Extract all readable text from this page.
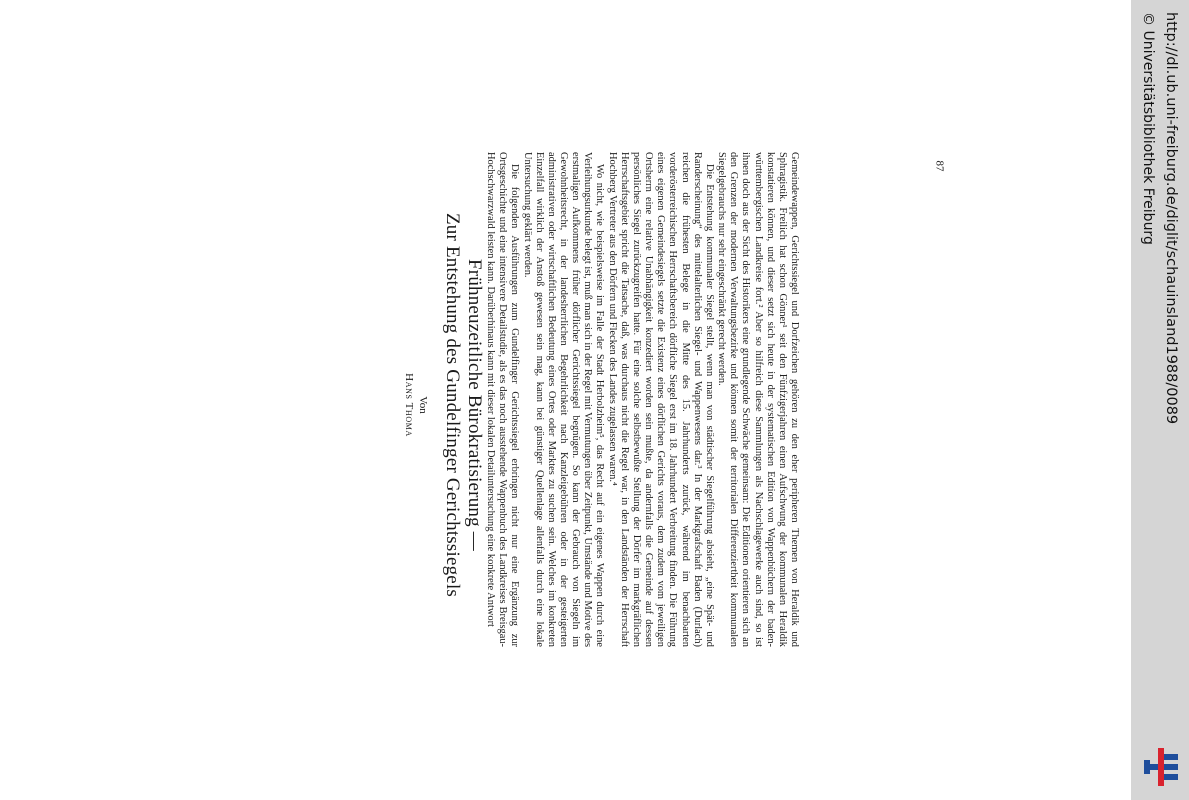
Frühneuzeitliche Bürokratisierung —
Zur Entstehung des Gundelfinger Gerichtssiegels
Von
Hans Thoma	Gemeindewappen, Gerichtssiegel und Dorfzeichen gehören zu den eher peripheren Themen von Heraldik und Sphragistik. Freilich hat schon Gönner¹ seit den Fünfzigerjahren einen Aufschwung der kommunalen Heraldik konstatieren können, und dieser setzt sich heute in der systematischen Edition von Wappenbüchern der baden-württembergischen Landkreise fort.² Aber so hilfreich diese Sammlungen als Nachschlagewerke auch sind, so ist ihnen doch aus der Sicht des Historikers eine grundlegende Schwäche gemeinsam: Die Editionen orientieren sich an den Grenzen der modernen Verwaltungsbezirke und können somit der territorialen Differenziertheit kommunalen Siegelgebrauchs nur sehr eingeschränkt gerecht werden.

Die Entstehung kommunaler Siegel stellt, wenn man von städtischer Siegelführung absieht, „eine Spät- und Randerscheinung“ des mittelalterlichen Siegel- und Wappenwesens dar.³ In der Markgrafschaft Baden (Durlach) reichen die frühesten Belege in die Mitte des 15. Jahrhunderts zurück, während im benachbarten vorderösterreichischen Herrschaftsbereich dörfliche Siegel erst im 18. Jahrhundert Verbreitung finden. Die Führung eines eigenen Gemeindesiegels setzte die Existenz eines dörflichen Gerichts voraus, dem zudem vom jeweiligen Ortsherrn eine relative Unabhängigkeit konzediert worden sein mußte, da andernfalls die Gemeinde auf dessen persönliches Siegel zurückzugreifen hatte. Für eine solche selbstbewußte Stellung der Dörfer im markgräflichen Herrschaftsgebiet spricht die Tatsache, daß, was durchaus nicht die Regel war, in den Landständen der Herrschaft Hochberg Vertreter aus den Dörfern und Flecken des Landes zugelassen waren.⁴

Wo nicht, wie beispielsweise im Falle der Stadt Herbolzheim⁵, das Recht auf ein eigenes Wappen durch eine Verleihungsurkunde belegt ist, muß man sich in der Regel mit Vermutungen über Zeitpunkt, Umstände und Motive des erstmaligen Aufkommens früher dörflicher Gerichtssiegel begnügen. So kann der Gebrauch von Siegeln im Gewohnheitsrecht, in der landesherrlichen Begehrlichkeit nach Kanzleigebühren oder in der gesteigerten administrativen oder wirtschaftlichen Bedeutung eines Ortes oder Marktes zu suchen sein. Welches im konkreten Einzelfall wirklich der Anstoß gewesen sein mag, kann bei günstiger Quellenlage allenfalls durch eine lokale Untersuchung geklärt werden.

Die folgenden Ausführungen zum Gundelfinger Gerichtssiegel erbringen nicht nur eine Ergänzung zur Ortsgeschichte und eine intensivere Detailstudie, als es das noch ausstehende Wappenbuch des Landkreises Breisgau-Hochschwarzwald leisten kann. Darüberhinaus kann mit dieser lokalen Detailuntersuchung eine konkrete Antwort	87	http://dl.ub.uni-freiburg.de/diglit/schauinsland1988/0089
© Universitätsbibliothek Freiburg
